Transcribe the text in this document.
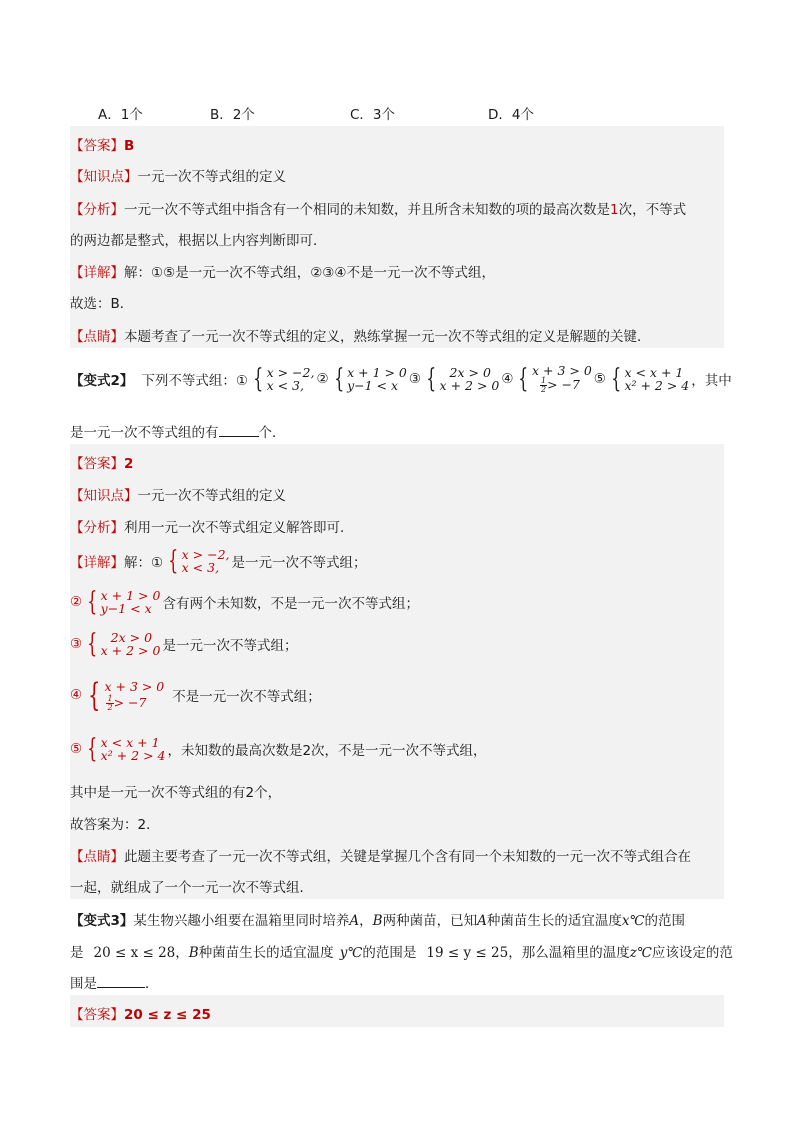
A．1个	B．2个	C．3个	D．4个
【答案】B
【知识点】一元一次不等式组的定义
【分析】一元一次不等式组中指含有一个相同的未知数，并且所含未知数的项的最高次数是1次，不等式
的两边都是整式，根据以上内容判断即可．
【详解】解：①⑤是一元一次不等式组，②③④不是一元一次不等式组，
故选：B．
【点睛】本题考查了一元一次不等式组的定义，熟练掌握一元一次不等式组的定义是解题的关键．
【变式2】 下列不等式组：① { x > −2,
x < 3, ② { x + 1 > 0
y−1 < x ③ {	2x > 0
x + 2 > 0 ④ { x + 3 > 0
$\frac{1}{2} > -7$	⑤ { x < x + 1
x² + 2 > 4 ，其中
是一元一次不等式组的有	个．
【答案】2
【知识点】一元一次不等式组的定义
【分析】利用一元一次不等式组定义解答即可．
【详解】 解：① { x > −2,
x < 3, 是一元一次不等式组；
② { x + 1 > 0
y−1 < x 含有两个未知数，不是一元一次不等式组；
③ {	2x > 0
x + 2 > 0 是一元一次不等式组；
④ { x + 3 > 0
$\frac{1}{2} > -7$	不是一元一次不等式组；
⑤ { x < x + 1
x² + 2 > 4 ，未知数的最高次数是2次，不是一元一次不等式组，
其中是一元一次不等式组的有2个，
故答案为：2．
【点睛】此题主要考查了一元一次不等式组，关键是掌握几个含有同一个未知数的一元一次不等式组合在
一起，就组成了一个一元一次不等式组．
【变式3】某生物兴趣小组要在温箱里同时培养A，B两种菌苗，已知A种菌苗生长的适宜温度x℃的范围
是 20 ≤ x ≤ 28，B种菌苗生长的适宜温度 y℃的范围是 19 ≤ y ≤ 25，那么温箱里的温度z℃应该设定的范
围是	．
【答案】20 ≤ z ≤ 25
